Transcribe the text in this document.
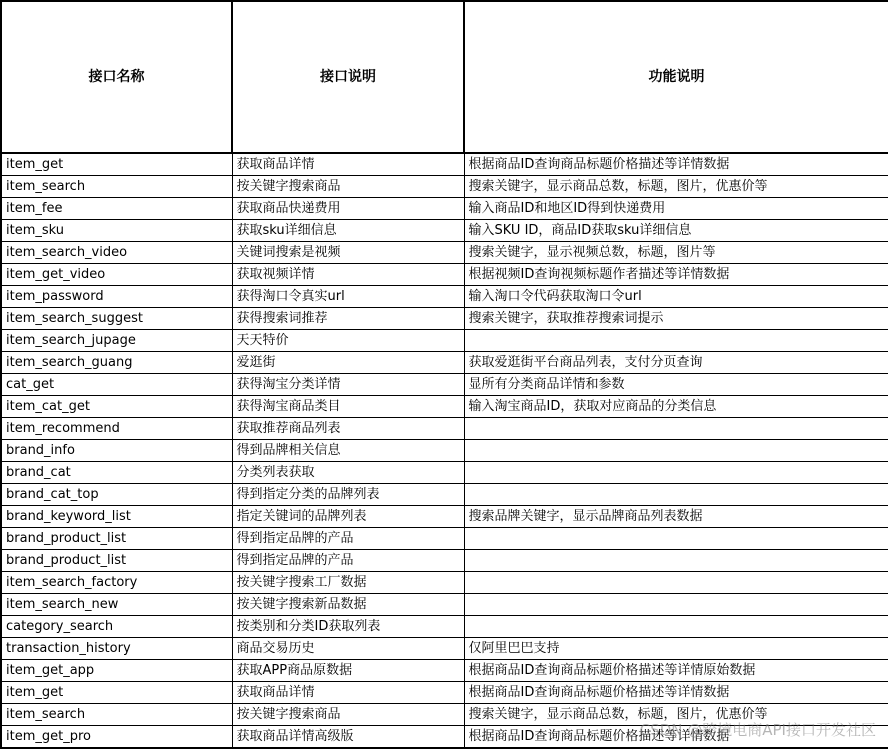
接口名称	接口说明	功能说明
item_get	获取商品详情	根据商品ID查询商品标题价格描述等详情数据
item_search	按关键字搜索商品	搜索关键字，显示商品总数，标题，图片，优惠价等
item_fee	获取商品快递费用	输入商品ID和地区ID得到快递费用
item_sku	获取sku详细信息	输入SKU ID，商品ID获取sku详细信息
item_search_video	关键词搜索是视频	搜索关键字，显示视频总数，标题，图片等
item_get_video	获取视频详情	根据视频ID查询视频标题作者描述等详情数据
item_password	获得淘口令真实url	输入淘口令代码获取淘口令url
item_search_suggest	获得搜索词推荐	搜索关键字，获取推荐搜索词提示
item_search_jupage	天天特价	
item_search_guang	爱逛街	获取爱逛街平台商品列表，支付分页查询
cat_get	获得淘宝分类详情	显所有分类商品详情和参数
item_cat_get	获得淘宝商品类目	输入淘宝商品ID，获取对应商品的分类信息
item_recommend	获取推荐商品列表	
brand_info	得到品牌相关信息	
brand_cat	分类列表获取	
brand_cat_top	得到指定分类的品牌列表	
brand_keyword_list	指定关键词的品牌列表	搜索品牌关键字，显示品牌商品列表数据
brand_product_list	得到指定品牌的产品	
brand_product_list	得到指定品牌的产品	
item_search_factory	按关键字搜索工厂数据	
item_search_new	按关键字搜索新品数据	
category_search	按类别和分类ID获取列表	
transaction_history	商品交易历史	仅阿里巴巴支持
item_get_app	获取APP商品原数据	根据商品ID查询商品标题价格描述等详情原始数据
item_get	获取商品详情	根据商品ID查询商品标题价格描述等详情数据
item_search	按关键字搜索商品	搜索关键字，显示商品总数，标题，图片，优惠价等
item_get_pro	获取商品详情高级版	根据商品ID查询商品标题价格描述等详情数据
CSDN @跨境电商API接口开发社区
